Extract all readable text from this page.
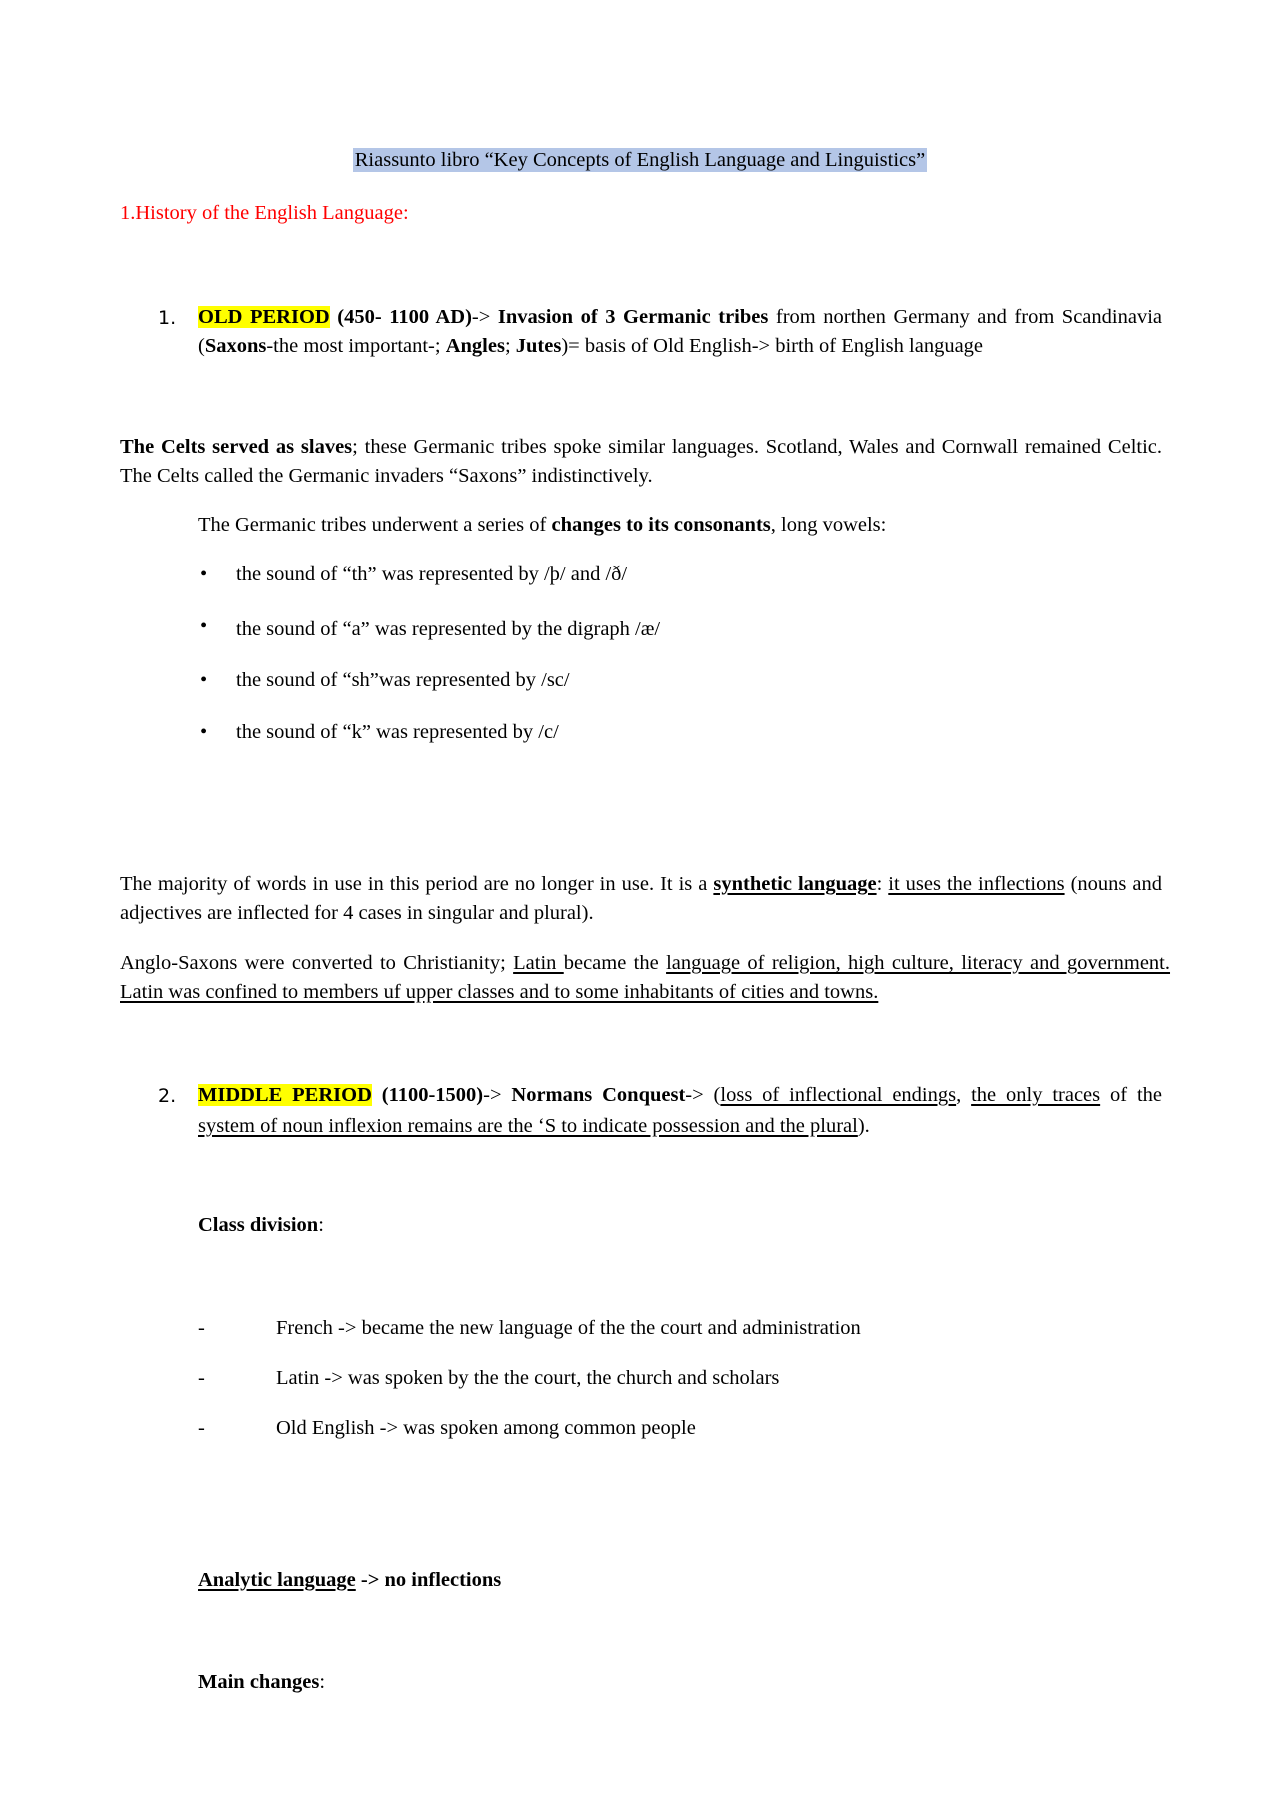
Riassunto libro “Key Concepts of English Language and Linguistics”
1.History of the English Language:
1. OLD PERIOD (450- 1100 AD)-> Invasion of 3 Germanic tribes from northen Germany and from Scandinavia (Saxons-the most important-; Angles; Jutes)= basis of Old English-> birth of English language
The Celts served as slaves; these Germanic tribes spoke similar languages. Scotland, Wales and Cornwall remained Celtic. The Celts called the Germanic invaders “Saxons” indistinctively.
The Germanic tribes underwent a series of changes to its consonants, long vowels:
• the sound of “th” was represented by /þ/ and /ð/
• the sound of “a” was represented by the digraph /æ/
• the sound of “sh”was represented by /sc/
• the sound of “k” was represented by /c/
The majority of words in use in this period are no longer in use. It is a synthetic language: it uses the inflections (nouns and adjectives are inflected for 4 cases in singular and plural).
Anglo-Saxons were converted to Christianity; Latin became the language of religion, high culture, literacy and government. Latin was confined to members uf upper classes and to some inhabitants of cities and towns.
2. MIDDLE PERIOD (1100-1500)-> Normans Conquest-> (loss of inflectional endings, the only traces of the system of noun inflexion remains are the ‘S to indicate possession and the plural).
Class division:
-	French -> became the new language of the the court and administration
-	Latin -> was spoken by the the court, the church and scholars
-	Old English -> was spoken among common people
Analytic language -> no inflections
Main changes:
